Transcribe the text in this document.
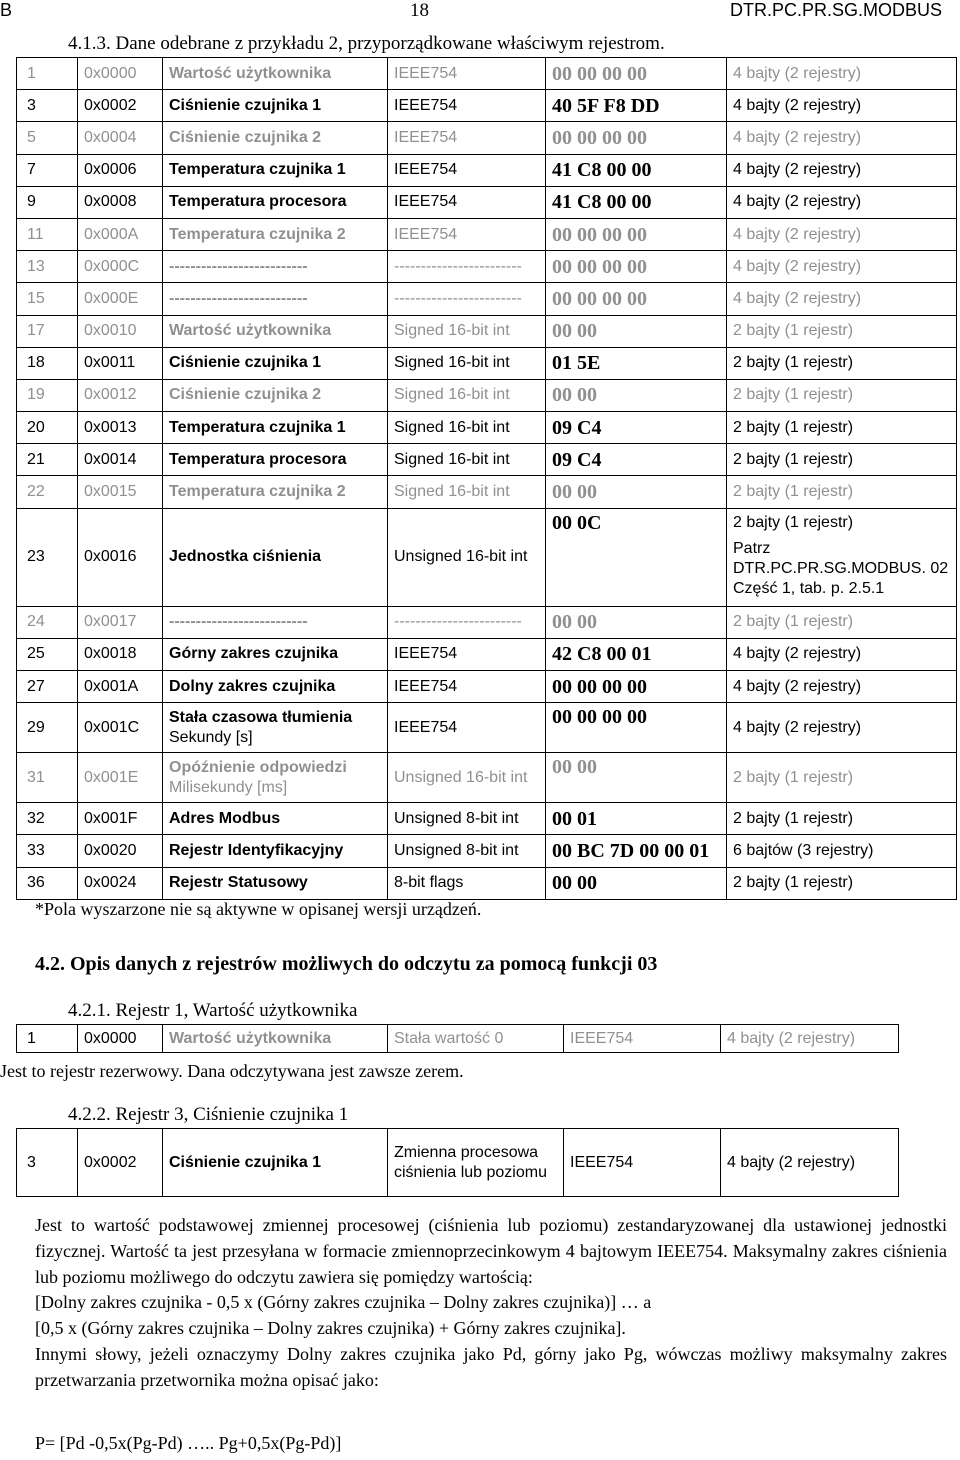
B	18	DTR.PC.PR.SG.MODBUS
4.1.3. Dane odebrane z przykładu 2, przyporządkowane właściwym rejestrom.
1	0x0000	Wartość użytkownika	IEEE754	00 00 00 00	4 bajty (2 rejestry)

3	0x0002	Ciśnienie czujnika 1	IEEE754	40 5F F8 DD	4 bajty (2 rejestry)

5	0x0004	Ciśnienie czujnika 2	IEEE754	00 00 00 00	4 bajty (2 rejestry)

7	0x0006	Temperatura czujnika 1	IEEE754	41 C8 00 00	4 bajty (2 rejestry)

9	0x0008	Temperatura procesora	IEEE754	41 C8 00 00	4 bajty (2 rejestry)

11	0x000A	Temperatura czujnika 2	IEEE754	00 00 00 00	4 bajty (2 rejestry)

13	0x000C	--------------------------	------------------------	00 00 00 00	4 bajty (2 rejestry)

15	0x000E	--------------------------	------------------------	00 00 00 00	4 bajty (2 rejestry)

17	0x0010	Wartość użytkownika	Signed 16-bit int	00 00	2 bajty (1 rejestr)

18	0x0011	Ciśnienie czujnika 1	Signed 16-bit int	01 5E	2 bajty (1 rejestr)

19	0x0012	Ciśnienie czujnika 2	Signed 16-bit int	00 00	2 bajty (1 rejestr)

20	0x0013	Temperatura czujnika 1	Signed 16-bit int	09 C4	2 bajty (1 rejestr)

21	0x0014	Temperatura procesora	Signed 16-bit int	09 C4	2 bajty (1 rejestr)

22	0x0015	Temperatura czujnika 2	Signed 16-bit int	00 00	2 bajty (1 rejestr)

23	0x0016	Jednostka ciśnienia	Unsigned 16-bit int	00 0C	2 bajty (1 rejestr)
Patrz DTR.PC.PR.SG.MODBUS. 02 Część 1, tab. p. 2.5.1

24	0x0017	--------------------------	------------------------	00 00	2 bajty (1 rejestr)

25	0x0018	Górny zakres czujnika	IEEE754	42 C8 00 01	4 bajty (2 rejestry)

27	0x001A	Dolny zakres czujnika	IEEE754	00 00 00 00	4 bajty (2 rejestry)

29	0x001C	Stała czasowa tłumienia
Sekundy [s]	IEEE754	00 00 00 00	4 bajty (2 rejestry)

31	0x001E	Opóźnienie odpowiedzi
Milisekundy [ms]	Unsigned 16-bit int	00 00	2 bajty (1 rejestr)

32	0x001F	Adres Modbus	Unsigned 8-bit int	00 01	2 bajty (1 rejestr)

33	0x0020	Rejestr Identyfikacyjny	Unsigned 8-bit int	00 BC 7D 00 00 01	6 bajtów (3 rejestry)

36	0x0024	Rejestr Statusowy	8-bit flags	00 00	2 bajty (1 rejestr)
*Pola wyszarzone nie są aktywne w opisanej wersji urządzeń.
4.2. Opis danych z rejestrów możliwych do odczytu za pomocą funkcji 03
4.2.1. Rejestr 1, Wartość użytkownika
1	0x0000	Wartość użytkownika	Stała wartość 0	IEEE754	4 bajty (2 rejestry)
Jest to rejestr rezerwowy. Dana odczytywana jest zawsze zerem.
4.2.2. Rejestr 3, Ciśnienie czujnika 1
3	0x0002	Ciśnienie czujnika 1	Zmienna procesowa ciśnienia lub poziomu	IEEE754	4 bajty (2 rejestry)

Jest to wartość podstawowej zmiennej procesowej (ciśnienia lub poziomu) zestandaryzowanej dla ustawionej jednostki fizycznej. Wartość ta jest przesyłana w formacie zmiennoprzecinkowym 4 bajtowym IEEE754. Maksymalny zakres ciśnienia lub poziomu możliwego do odczytu zawiera się pomiędzy wartością:

[Dolny zakres czujnika - 0,5 x (Górny zakres czujnika – Dolny zakres czujnika)] … a

[0,5 x (Górny zakres czujnika – Dolny zakres czujnika) + Górny zakres czujnika].

Innymi słowy, jeżeli oznaczymy Dolny zakres czujnika jako Pd, górny jako Pg, wówczas możliwy maksymalny zakres przetwarzania przetwornika można opisać jako:

P= [Pd -0,5x(Pg-Pd) ….. Pg+0,5x(Pg-Pd)]
